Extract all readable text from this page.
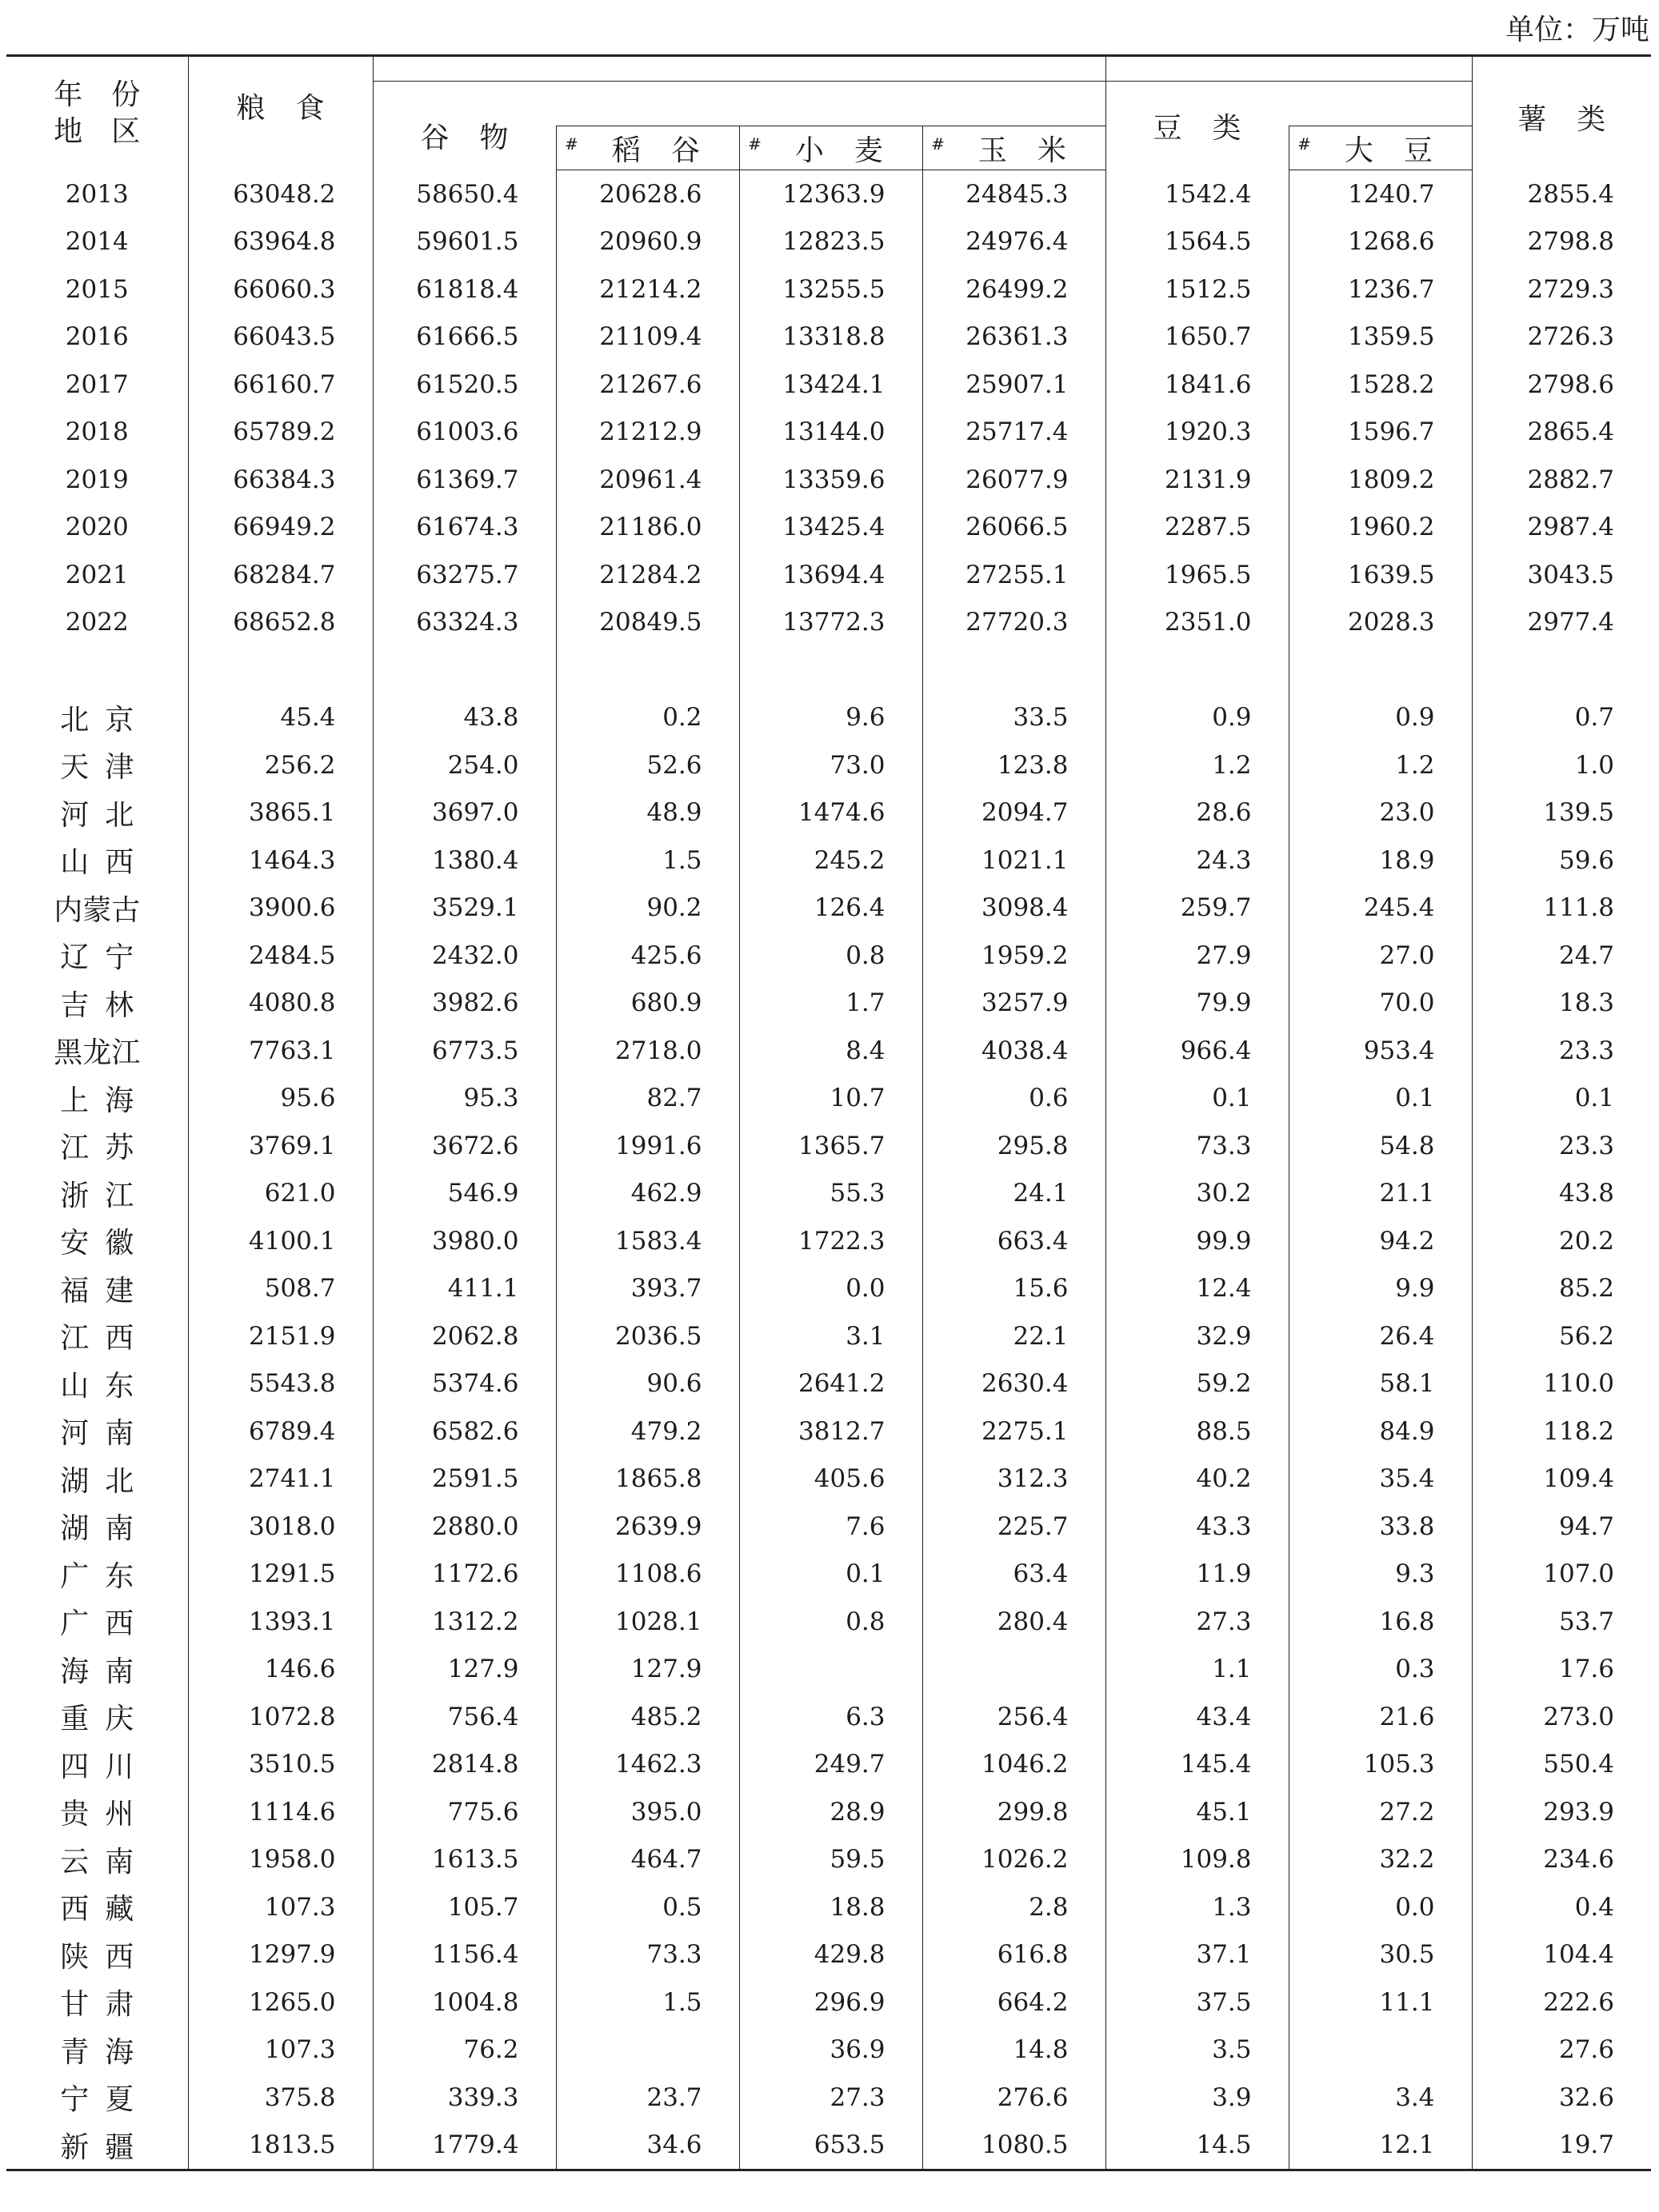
单位：万吨
年份
地区	粮食							薯类
		谷物				豆类		
			# 稻谷	# 小麦	# 玉米		# 大豆	
2013	63048.2	58650.4	20628.6	12363.9	24845.3	1542.4	1240.7	2855.4
2014	63964.8	59601.5	20960.9	12823.5	24976.4	1564.5	1268.6	2798.8
2015	66060.3	61818.4	21214.2	13255.5	26499.2	1512.5	1236.7	2729.3
2016	66043.5	61666.5	21109.4	13318.8	26361.3	1650.7	1359.5	2726.3
2017	66160.7	61520.5	21267.6	13424.1	25907.1	1841.6	1528.2	2798.6
2018	65789.2	61003.6	21212.9	13144.0	25717.4	1920.3	1596.7	2865.4
2019	66384.3	61369.7	20961.4	13359.6	26077.9	2131.9	1809.2	2882.7
2020	66949.2	61674.3	21186.0	13425.4	26066.5	2287.5	1960.2	2987.4
2021	68284.7	63275.7	21284.2	13694.4	27255.1	1965.5	1639.5	3043.5
2022	68652.8	63324.3	20849.5	13772.3	27720.3	2351.0	2028.3	2977.4

北京	45.4	43.8	0.2	9.6	33.5	0.9	0.9	0.7
天津	256.2	254.0	52.6	73.0	123.8	1.2	1.2	1.0
河北	3865.1	3697.0	48.9	1474.6	2094.7	28.6	23.0	139.5
山西	1464.3	1380.4	1.5	245.2	1021.1	24.3	18.9	59.6
内蒙古	3900.6	3529.1	90.2	126.4	3098.4	259.7	245.4	111.8
辽宁	2484.5	2432.0	425.6	0.8	1959.2	27.9	27.0	24.7
吉林	4080.8	3982.6	680.9	1.7	3257.9	79.9	70.0	18.3
黑龙江	7763.1	6773.5	2718.0	8.4	4038.4	966.4	953.4	23.3
上海	95.6	95.3	82.7	10.7	0.6	0.1	0.1	0.1
江苏	3769.1	3672.6	1991.6	1365.7	295.8	73.3	54.8	23.3
浙江	621.0	546.9	462.9	55.3	24.1	30.2	21.1	43.8
安徽	4100.1	3980.0	1583.4	1722.3	663.4	99.9	94.2	20.2
福建	508.7	411.1	393.7	0.0	15.6	12.4	9.9	85.2
江西	2151.9	2062.8	2036.5	3.1	22.1	32.9	26.4	56.2
山东	5543.8	5374.6	90.6	2641.2	2630.4	59.2	58.1	110.0
河南	6789.4	6582.6	479.2	3812.7	2275.1	88.5	84.9	118.2
湖北	2741.1	2591.5	1865.8	405.6	312.3	40.2	35.4	109.4
湖南	3018.0	2880.0	2639.9	7.6	225.7	43.3	33.8	94.7
广东	1291.5	1172.6	1108.6	0.1	63.4	11.9	9.3	107.0
广西	1393.1	1312.2	1028.1	0.8	280.4	27.3	16.8	53.7
海南	146.6	127.9	127.9			1.1	0.3	17.6
重庆	1072.8	756.4	485.2	6.3	256.4	43.4	21.6	273.0
四川	3510.5	2814.8	1462.3	249.7	1046.2	145.4	105.3	550.4
贵州	1114.6	775.6	395.0	28.9	299.8	45.1	27.2	293.9
云南	1958.0	1613.5	464.7	59.5	1026.2	109.8	32.2	234.6
西藏	107.3	105.7	0.5	18.8	2.8	1.3	0.0	0.4
陕西	1297.9	1156.4	73.3	429.8	616.8	37.1	30.5	104.4
甘肃	1265.0	1004.8	1.5	296.9	664.2	37.5	11.1	222.6
青海	107.3	76.2		36.9	14.8	3.5		27.6
宁夏	375.8	339.3	23.7	27.3	276.6	3.9	3.4	32.6
新疆	1813.5	1779.4	34.6	653.5	1080.5	14.5	12.1	19.7
